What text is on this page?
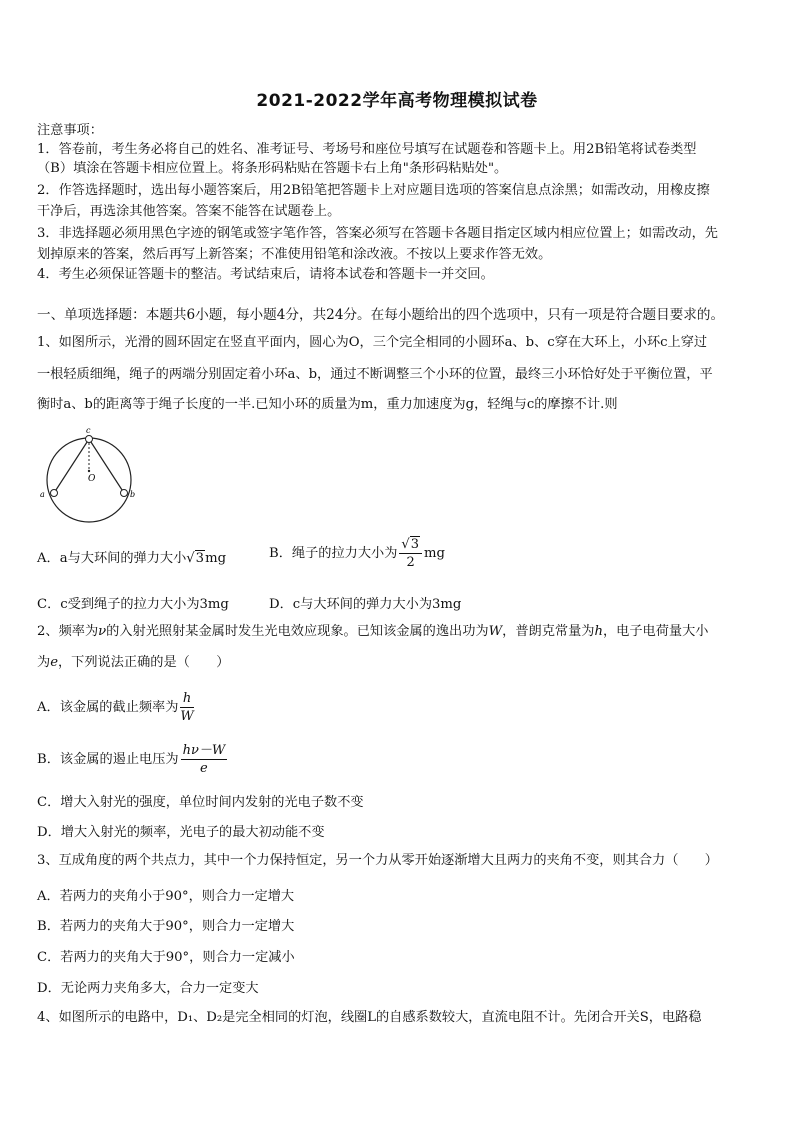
2021-2022学年高考物理模拟试卷
注意事项：
1．答卷前，考生务必将自己的姓名、准考证号、考场号和座位号填写在试题卷和答题卡上。用2B铅笔将试卷类型
（B）填涂在答题卡相应位置上。将条形码粘贴在答题卡右上角"条形码粘贴处"。
2．作答选择题时，选出每小题答案后，用2B铅笔把答题卡上对应题目选项的答案信息点涂黑；如需改动，用橡皮擦
干净后，再选涂其他答案。答案不能答在试题卷上。
3．非选择题必须用黑色字迹的钢笔或签字笔作答，答案必须写在答题卡各题目指定区域内相应位置上；如需改动，先
划掉原来的答案，然后再写上新答案；不准使用铅笔和涂改液。不按以上要求作答无效。
4．考生必须保证答题卡的整洁。考试结束后，请将本试卷和答题卡一并交回。
一、单项选择题：本题共6小题，每小题4分，共24分。在每小题给出的四个选项中，只有一项是符合题目要求的。
1、如图所示，光滑的圆环固定在竖直平面内，圆心为O，三个完全相同的小圆环a、b、c穿在大环上，小环c上穿过
一根轻质细绳，绳子的两端分别固定着小环a、b，通过不断调整三个小环的位置，最终三小环恰好处于平衡位置，平
衡时a、b的距离等于绳子长度的一半.已知小环的质量为m，重力加速度为g，轻绳与c的摩擦不计.则
c
O
a	b
A．a与大环间的弹力大小√3mg	B．绳子的拉力大小为 $\frac{√3}{2}$ mg
C．c受到绳子的拉力大小为3mg	D．c与大环间的弹力大小为3mg
2、频率为ν的入射光照射某金属时发生光电效应现象。已知该金属的逸出功为W，普朗克常量为h，电子电荷量大小
为e，下列说法正确的是（　　）
A．该金属的截止频率为 $\frac{h}{W}$
B．该金属的遏止电压为 $\frac{h\nu-W}{e}$
C．增大入射光的强度，单位时间内发射的光电子数不变
D．增大入射光的频率，光电子的最大初动能不变
3、互成角度的两个共点力，其中一个力保持恒定，另一个力从零开始逐渐增大且两力的夹角不变，则其合力（　　）
A．若两力的夹角小于90°，则合力一定增大
B．若两力的夹角大于90°，则合力一定增大
C．若两力的夹角大于90°，则合力一定减小
D．无论两力夹角多大，合力一定变大
4、如图所示的电路中，D₁、D₂是完全相同的灯泡，线圈L的自感系数较大，直流电阻不计。先闭合开关S，电路稳
